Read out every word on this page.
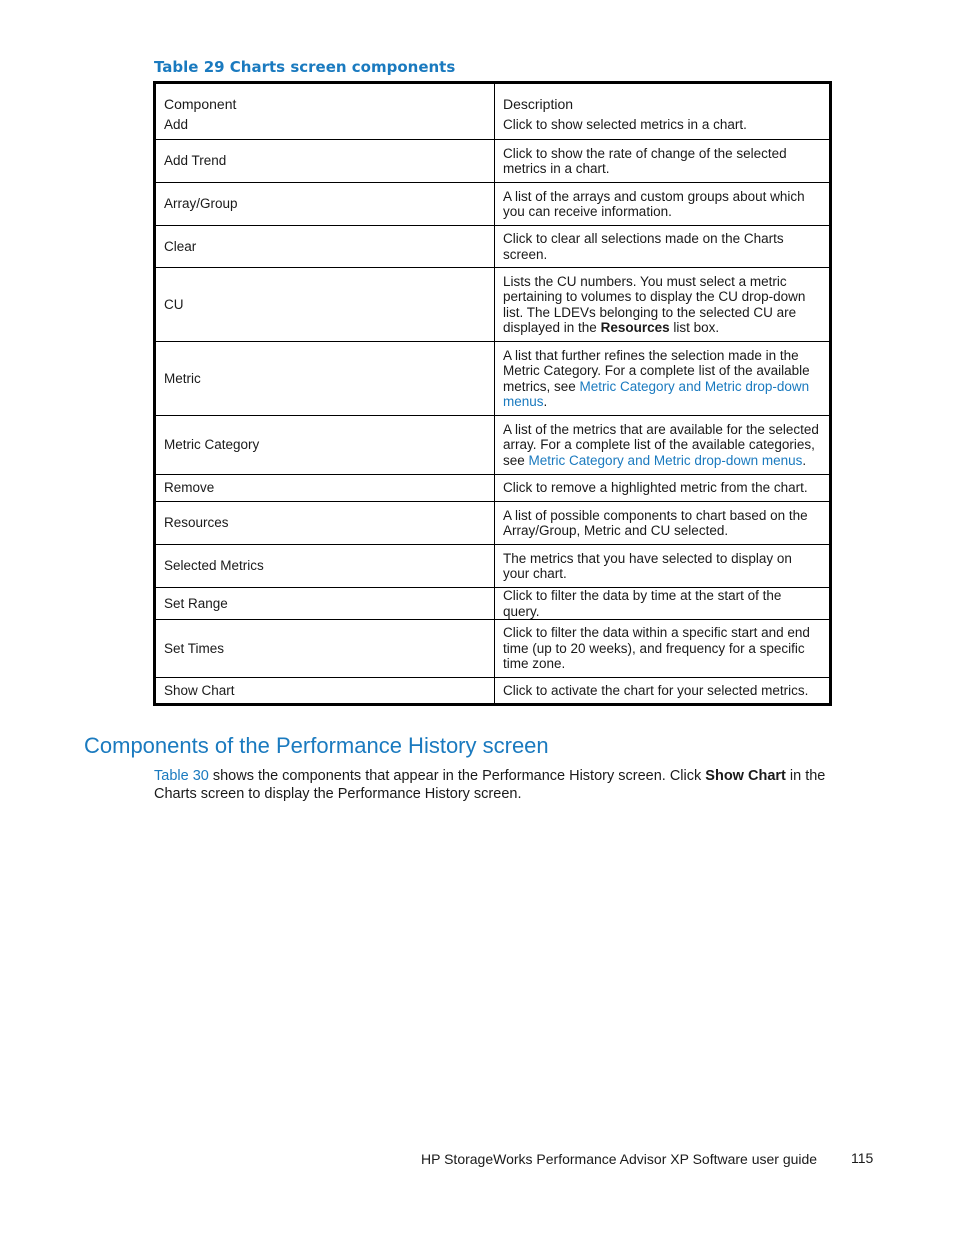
Table 29 Charts screen components
Component	Description
Add	Click to show selected metrics in a chart.
Add Trend	Click to show the rate of change of the selected metrics in a chart.
Array/Group	A list of the arrays and custom groups about which you can receive information.
Clear	Click to clear all selections made on the Charts screen.
CU	Lists the CU numbers. You must select a metric pertaining to volumes to display the CU drop-down list. The LDEVs belonging to the selected CU are displayed in the Resources list box.
Metric	A list that further refines the selection made in the Metric Category. For a complete list of the available metrics, see Metric Category and Metric drop-down menus.
Metric Category	A list of the metrics that are available for the selected array. For a complete list of the available categories, see Metric Category and Metric drop-down menus.
Remove	Click to remove a highlighted metric from the chart.
Resources	A list of possible components to chart based on the Array/Group, Metric and CU selected.
Selected Metrics	The metrics that you have selected to display on your chart.
Set Range	Click to filter the data by time at the start of the query.
Set Times	Click to filter the data within a specific start and end time (up to 20 weeks), and frequency for a specific time zone.
Show Chart	Click to activate the chart for your selected metrics.
Components of the Performance History screen
Table 30 shows the components that appear in the Performance History screen. Click Show Chart in the Charts screen to display the Performance History screen.
HP StorageWorks Performance Advisor XP Software user guide 115
